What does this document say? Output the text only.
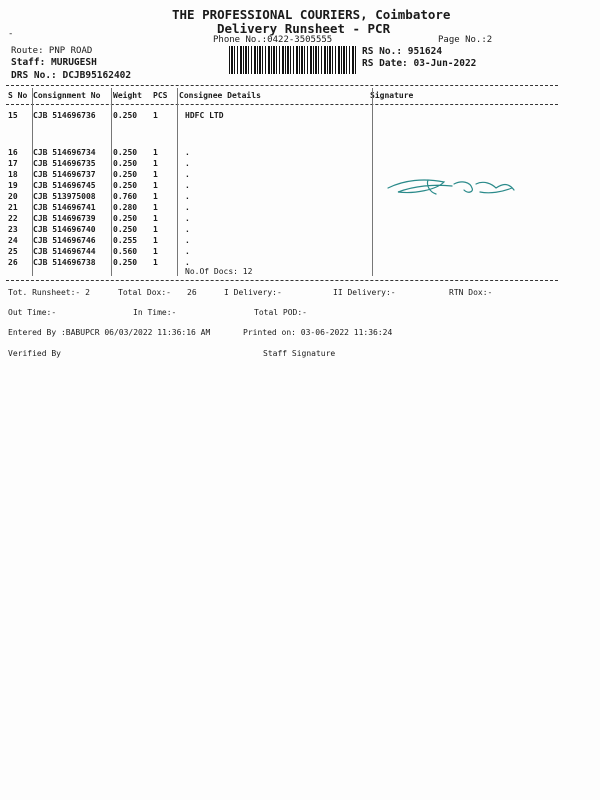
THE PROFESSIONAL COURIERS, Coimbatore
Delivery Runsheet - PCR
Phone No.:0422-3505555	Page No.:2
-
Route: PNP ROAD
Staff: MURUGESH
DRS No.: DCJB95162402
RS No.: 951624
RS Date: 03-Jun-2022
S No Consignment No Weight PCS Consignee Details	Signature
15 CJB 514696736 0.250 1	HDFC LTD
16 CJB 514696734 0.250 1	.
17 CJB 514696735 0.250 1	.
18 CJB 514696737 0.250 1	.
19 CJB 514696745 0.250 1	.
20 CJB 513975008 0.760 1	.
21 CJB 514696741 0.280 1	.
22 CJB 514696739 0.250 1	.
23 CJB 514696740 0.250 1	.
24 CJB 514696746 0.255 1	.
25 CJB 514696744 0.560 1	.
26 CJB 514696738 0.250 1	.
No.Of Docs: 12
Tot. Runsheet:- 2	Total Dox:- 26	I Delivery:-	II Delivery:-	RTN Dox:-
Out Time:-	In Time:-	Total POD:-
Entered By :BABUPCR 06/03/2022 11:36:16 AM	Printed on: 03-06-2022 11:36:24
Verified By	Staff Signature
